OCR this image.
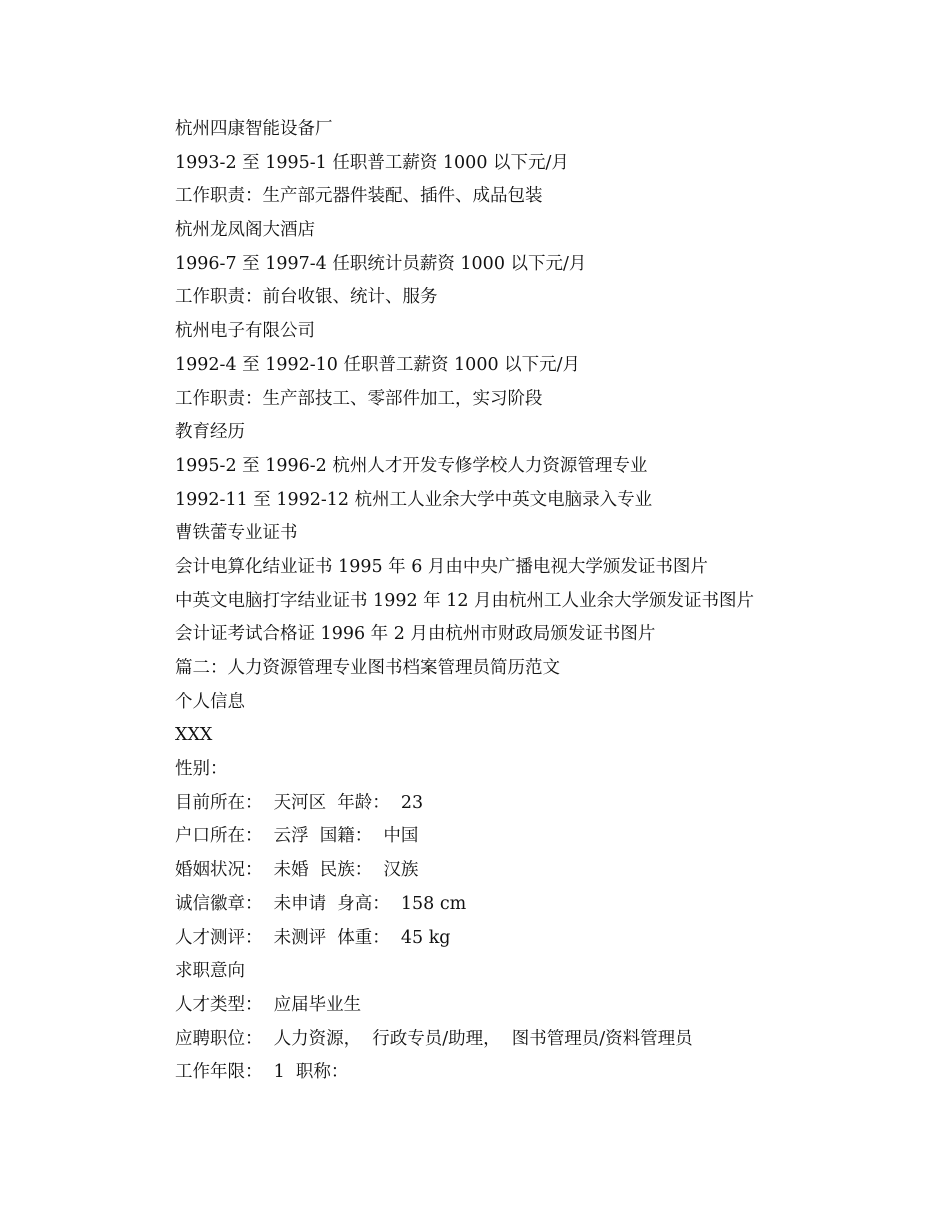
杭州四康智能设备厂
1993-2 至 1995-1 任职普工薪资 1000 以下元/月
工作职责：生产部元器件装配、插件、成品包装
杭州龙凤阁大酒店
1996-7 至 1997-4 任职统计员薪资 1000 以下元/月
工作职责：前台收银、统计、服务
杭州电子有限公司
1992-4 至 1992-10 任职普工薪资 1000 以下元/月
工作职责：生产部技工、零部件加工，实习阶段
教育经历
1995-2 至 1996-2 杭州人才开发专修学校人力资源管理专业
1992-11 至 1992-12 杭州工人业余大学中英文电脑录入专业
曹铁蕾专业证书
会计电算化结业证书 1995 年 6 月由中央广播电视大学颁发证书图片
中英文电脑打字结业证书 1992 年 12 月由杭州工人业余大学颁发证书图片
会计证考试合格证 1996 年 2 月由杭州市财政局颁发证书图片
篇二：人力资源管理专业图书档案管理员简历范文
个人信息
XXX
性别：
目前所在：  天河区  年龄：  23
户口所在：  云浮  国籍：  中国
婚姻状况：  未婚  民族：  汉族
诚信徽章：  未申请  身高：  158 cm
人才测评：  未测评  体重：  45 kg
求职意向
人才类型：  应届毕业生
应聘职位：  人力资源，  行政专员/助理，  图书管理员/资料管理员
工作年限：  1  职称：
